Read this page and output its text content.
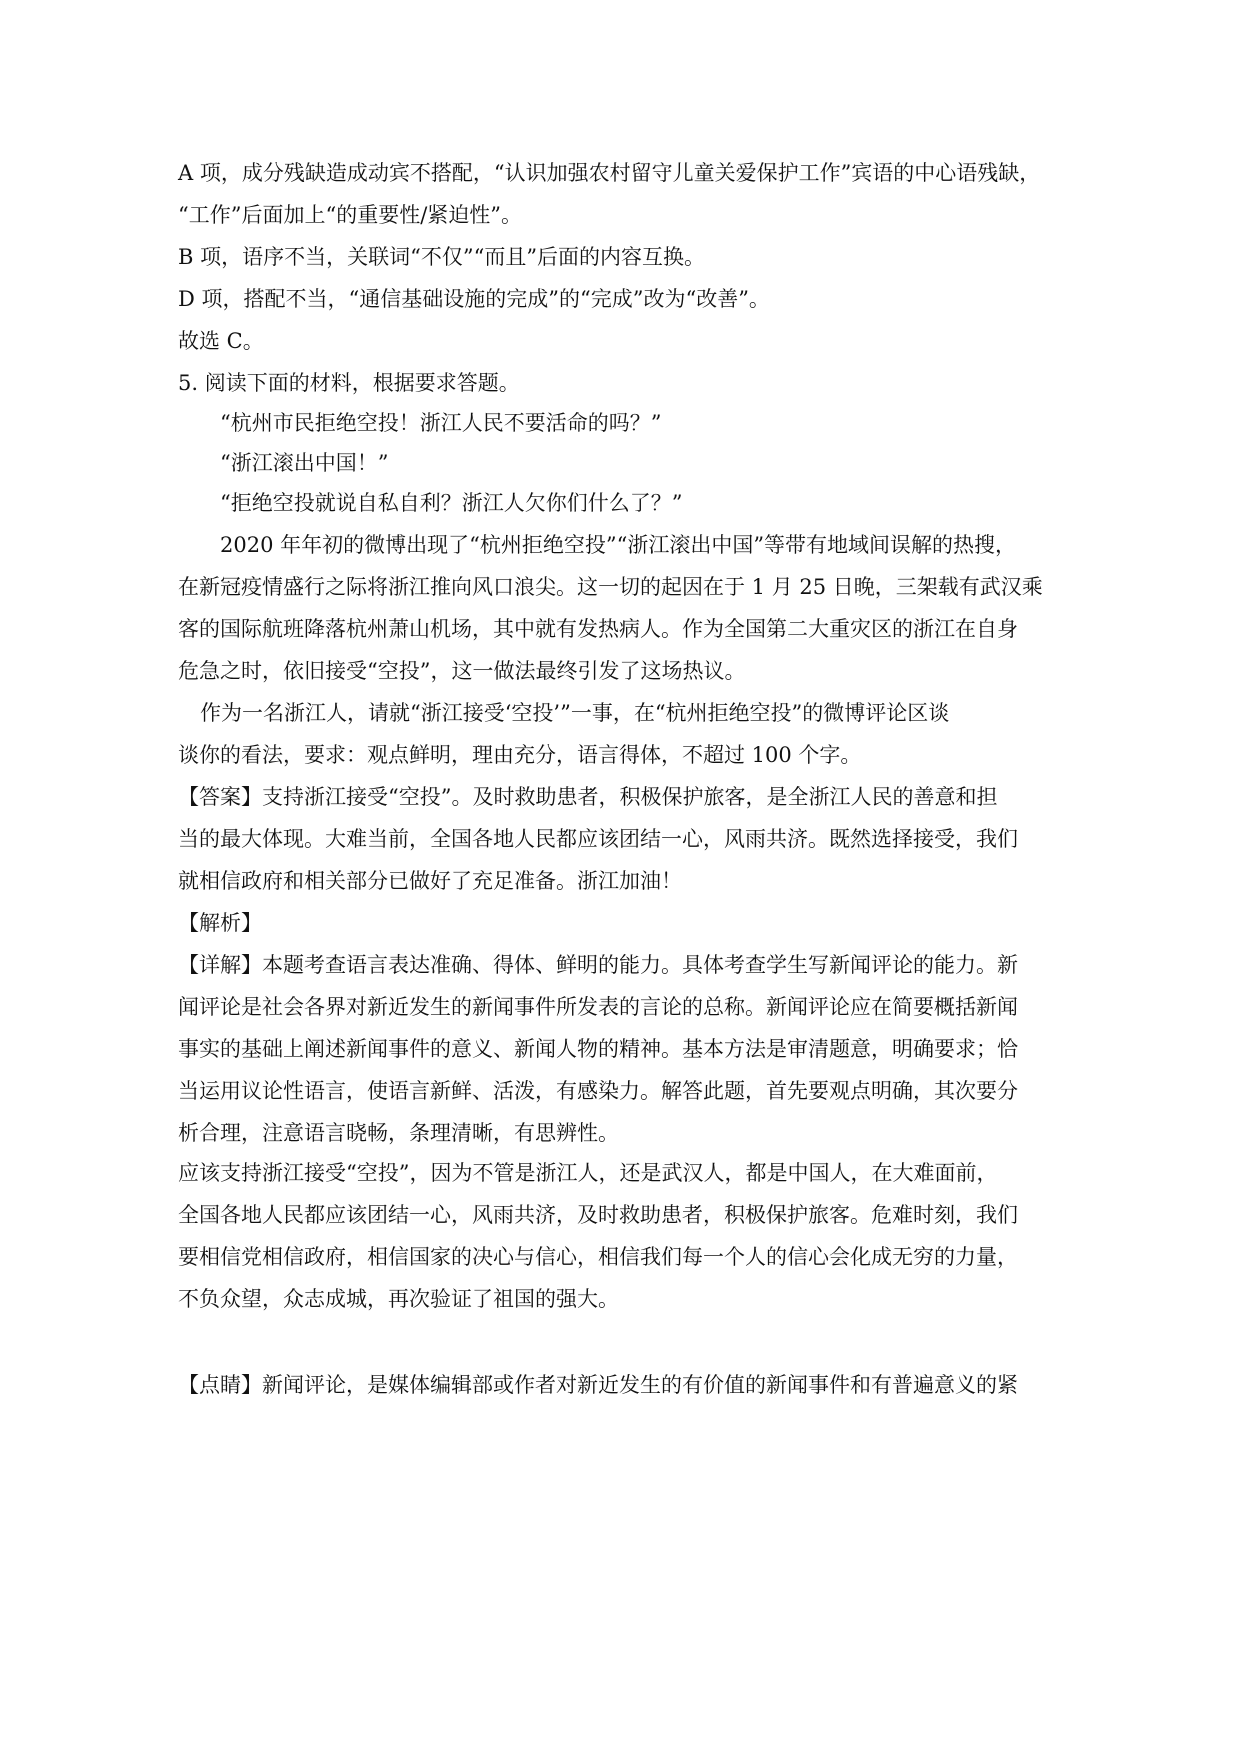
A 项，成分残缺造成动宾不搭配，“认识加强农村留守儿童关爱保护工作”宾语的中心语残缺，
“工作”后面加上“的重要性/紧迫性”。
B 项，语序不当，关联词“不仅”“而且”后面的内容互换。
D 项，搭配不当，“通信基础设施的完成”的“完成”改为“改善”。
故选 C。
5. 阅读下面的材料，根据要求答题。
“杭州市民拒绝空投！浙江人民不要活命的吗？”
“浙江滚出中国！”
“拒绝空投就说自私自利？浙江人欠你们什么了？”
2020 年年初的微博出现了“杭州拒绝空投”“浙江滚出中国”等带有地域间误解的热搜，
在新冠疫情盛行之际将浙江推向风口浪尖。这一切的起因在于 1 月 25 日晚，三架载有武汉乘
客的国际航班降落杭州萧山机场，其中就有发热病人。作为全国第二大重灾区的浙江在自身
危急之时，依旧接受“空投”，这一做法最终引发了这场热议。
作为一名浙江人，请就“浙江接受‘空投’”一事，在“杭州拒绝空投”的微博评论区谈
谈你的看法，要求：观点鲜明，理由充分，语言得体，不超过 100 个字。
【答案】支持浙江接受“空投”。及时救助患者，积极保护旅客，是全浙江人民的善意和担
当的最大体现。大难当前，全国各地人民都应该团结一心，风雨共济。既然选择接受，我们
就相信政府和相关部分已做好了充足准备。浙江加油！
【解析】
【详解】本题考查语言表达准确、得体、鲜明的能力。具体考查学生写新闻评论的能力。新
闻评论是社会各界对新近发生的新闻事件所发表的言论的总称。新闻评论应在简要概括新闻
事实的基础上阐述新闻事件的意义、新闻人物的精神。基本方法是审清题意，明确要求；恰
当运用议论性语言，使语言新鲜、活泼，有感染力。解答此题，首先要观点明确，其次要分
析合理，注意语言晓畅，条理清晰，有思辨性。
应该支持浙江接受“空投”，因为不管是浙江人，还是武汉人，都是中国人，在大难面前，
全国各地人民都应该团结一心，风雨共济，及时救助患者，积极保护旅客。危难时刻，我们
要相信党相信政府，相信国家的决心与信心，相信我们每一个人的信心会化成无穷的力量，
不负众望，众志成城，再次验证了祖国的强大。
【点睛】新闻评论，是媒体编辑部或作者对新近发生的有价值的新闻事件和有普遍意义的紧
